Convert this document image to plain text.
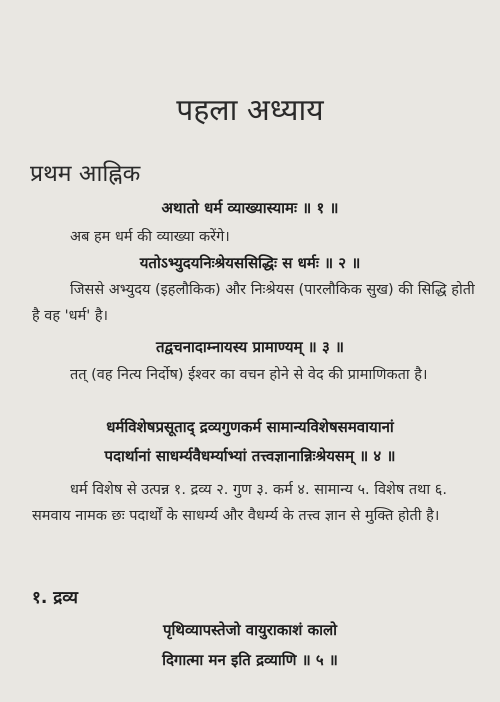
पहला अध्याय
प्रथम आह्निक
अथातो धर्म व्याख्यास्यामः ॥ १ ॥
अब हम धर्म की व्याख्या करेंगे।
यतोऽभ्युदयनिःश्रेयससिद्धिः स धर्मः ॥ २ ॥
जिससे अभ्युदय (इहलौकिक) और निःश्रेयस (पारलौकिक सुख) की सिद्धि होती है वह 'धर्म' है।
तद्वचनादाम्नायस्य प्रामाण्यम् ॥ ३ ॥
तत् (वह नित्य निर्दोष) ईश्वर का वचन होने से वेद की प्रामाणिकता है।
धर्मविशेषप्रसूताद् द्रव्यगुणकर्म सामान्यविशेषसमवायानां
पदार्थानां साधर्म्यवैधर्म्याभ्यां तत्त्वज्ञानान्निःश्रेयसम् ॥ ४ ॥
धर्म विशेष से उत्पन्न १. द्रव्य २. गुण ३. कर्म ४. सामान्य ५. विशेष तथा ६. समवाय नामक छः पदार्थों के साधर्म्य और वैधर्म्य के तत्त्व ज्ञान से मुक्ति होती है।
१. द्रव्य
पृथिव्यापस्तेजो वायुराकाशं कालो
दिगात्मा मन इति द्रव्याणि ॥ ५ ॥
